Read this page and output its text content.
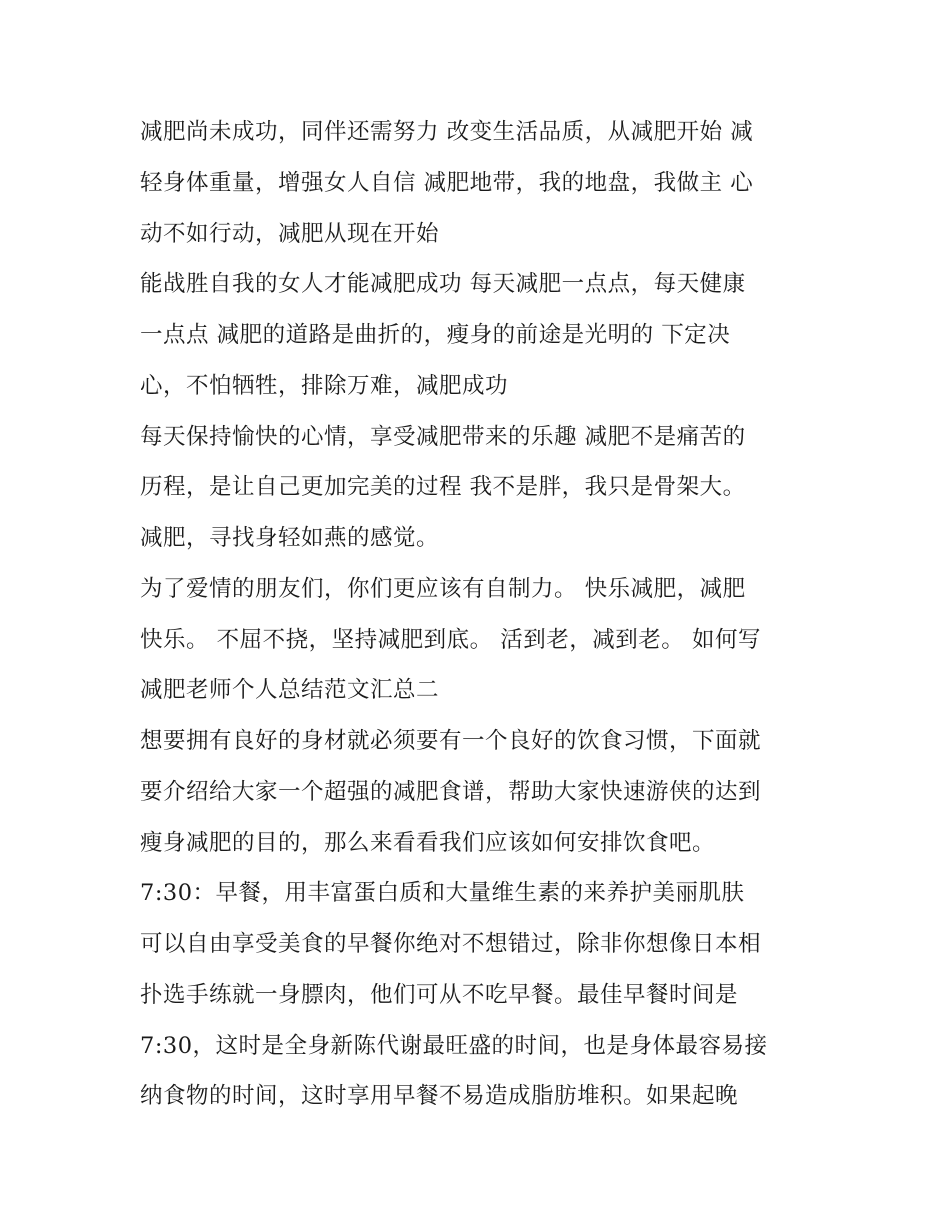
减肥尚未成功，同伴还需努力 改变生活品质，从减肥开始 减
轻身体重量，增强女人自信 减肥地带，我的地盘，我做主 心
动不如行动，减肥从现在开始
能战胜自我的女人才能减肥成功 每天减肥一点点，每天健康
一点点 减肥的道路是曲折的，瘦身的前途是光明的 下定决
心，不怕牺牲，排除万难，减肥成功
每天保持愉快的心情，享受减肥带来的乐趣 减肥不是痛苦的
历程，是让自己更加完美的过程 我不是胖，我只是骨架大。
减肥，寻找身轻如燕的感觉。
为了爱情的朋友们，你们更应该有自制力。 快乐减肥，减肥
快乐。 不屈不挠，坚持减肥到底。 活到老，减到老。 如何写
减肥老师个人总结范文汇总二
想要拥有良好的身材就必须要有一个良好的饮食习惯，下面就
要介绍给大家一个超强的减肥食谱，帮助大家快速游侠的达到
瘦身减肥的目的，那么来看看我们应该如何安排饮食吧。
7:30：早餐，用丰富蛋白质和大量维生素的来养护美丽肌肤
可以自由享受美食的早餐你绝对不想错过，除非你想像日本相
扑选手练就一身膘肉，他们可从不吃早餐。最佳早餐时间是
7:30，这时是全身新陈代谢最旺盛的时间，也是身体最容易接
纳食物的时间，这时享用早餐不易造成脂肪堆积。如果起晚
